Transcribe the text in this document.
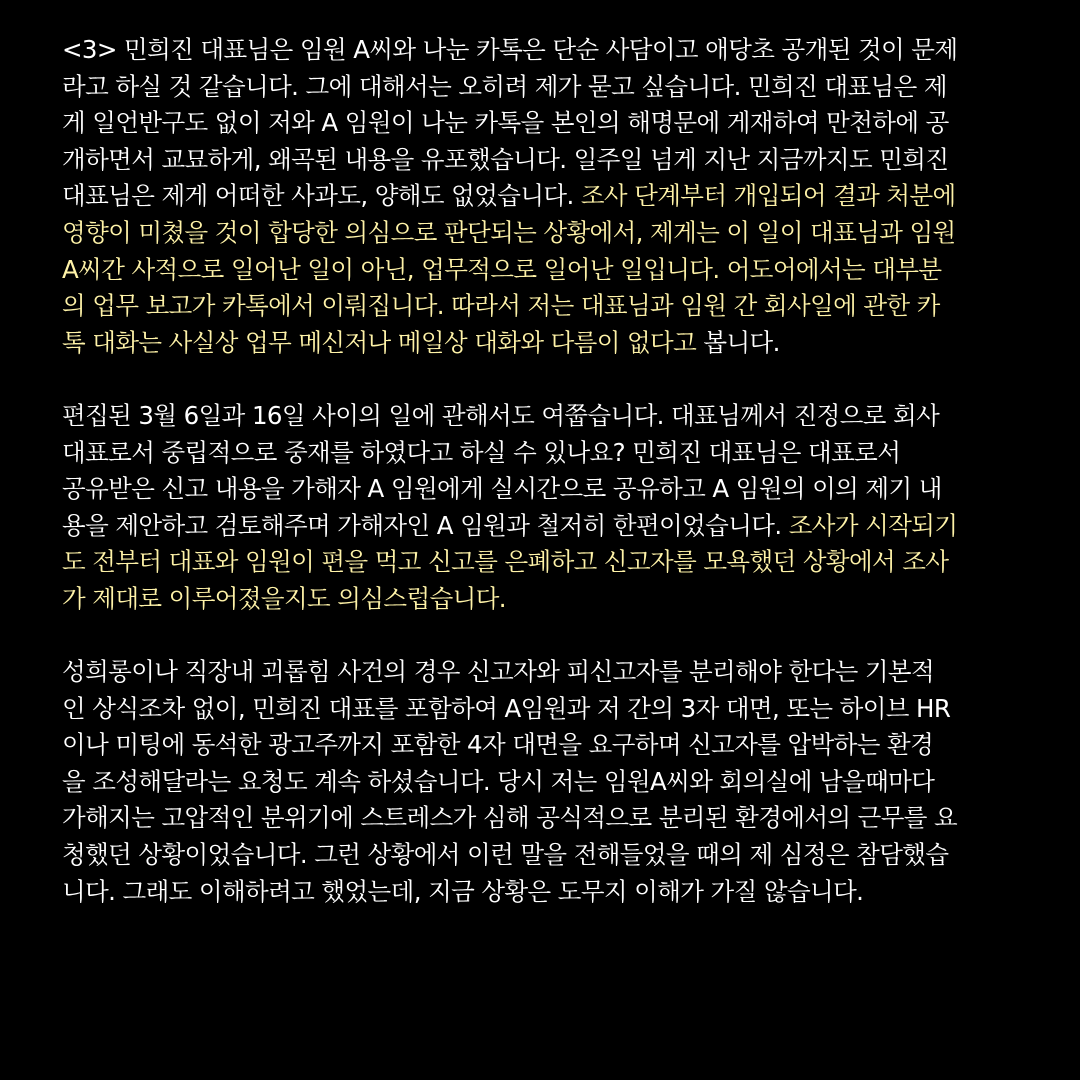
<3> 민희진 대표님은 임원 A씨와 나눈 카톡은 단순 사담이고 애당초 공개된 것이 문제
라고 하실 것 같습니다. 그에 대해서는 오히려 제가 묻고 싶습니다. 민희진 대표님은 제
게 일언반구도 없이 저와 A 임원이 나눈 카톡을 본인의 해명문에 게재하여 만천하에 공
개하면서 교묘하게, 왜곡된 내용을 유포했습니다. 일주일 넘게 지난 지금까지도 민희진
대표님은 제게 어떠한 사과도, 양해도 없었습니다. 조사 단계부터 개입되어 결과 처분에
영향이 미쳤을 것이 합당한 의심으로 판단되는 상황에서, 제게는 이 일이 대표님과 임원
A씨간 사적으로 일어난 일이 아닌, 업무적으로 일어난 일입니다. 어도어에서는 대부분
의 업무 보고가 카톡에서 이뤄집니다. 따라서 저는 대표님과 임원 간 회사일에 관한 카
톡 대화는 사실상 업무 메신저나 메일상 대화와 다름이 없다고 봅니다.
편집된 3월 6일과 16일 사이의 일에 관해서도 여쭙습니다. 대표님께서 진정으로 회사
대표로서 중립적으로 중재를 하였다고 하실 수 있나요? 민희진 대표님은 대표로서
공유받은 신고 내용을 가해자 A 임원에게 실시간으로 공유하고 A 임원의 이의 제기 내
용을 제안하고 검토해주며 가해자인 A 임원과 철저히 한편이었습니다. 조사가 시작되기
도 전부터 대표와 임원이 편을 먹고 신고를 은폐하고 신고자를 모욕했던 상황에서 조사
가 제대로 이루어졌을지도 의심스럽습니다.
성희롱이나 직장내 괴롭힘 사건의 경우 신고자와 피신고자를 분리해야 한다는 기본적
인 상식조차 없이, 민희진 대표를 포함하여 A임원과 저 간의 3자 대면, 또는 하이브 HR
이나 미팅에 동석한 광고주까지 포함한 4자 대면을 요구하며 신고자를 압박하는 환경
을 조성해달라는 요청도 계속 하셨습니다. 당시 저는 임원A씨와 회의실에 남을때마다
가해지는 고압적인 분위기에 스트레스가 심해 공식적으로 분리된 환경에서의 근무를 요
청했던 상황이었습니다. 그런 상황에서 이런 말을 전해들었을 때의 제 심정은 참담했습
니다. 그래도 이해하려고 했었는데, 지금 상황은 도무지 이해가 가질 않습니다.
